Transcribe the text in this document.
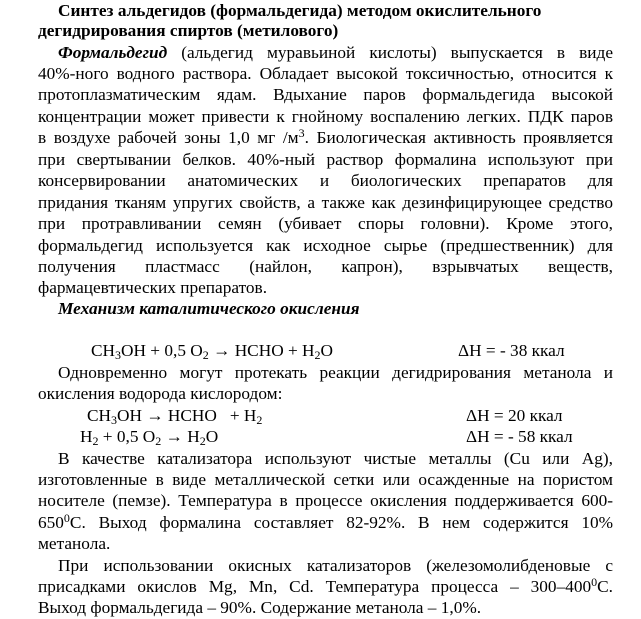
Синтез альдегидов (формальдегида) методом окислительного
дегидрирования спиртов (метилового)
Формальдегид (альдегид муравьиной кислоты) выпускается в виде
40%-ного водного раствора. Обладает высокой токсичностью, относится к
протоплазматическим ядам. Вдыхание паров формальдегида высокой
концентрации может привести к гнойному воспалению легких. ПДК паров
в воздухе рабочей зоны 1,0 мг $/м^3$. Биологическая активность проявляется
при свертывании белков. 40%-ный раствор формалина используют при
консервировании анатомических и биологических препаратов для
придания тканям упругих свойств, а также как дезинфицирующее средство
при протравливании семян (убивает споры головни). Кроме этого,
формальдегид используется как исходное сырье (предшественник) для
получения пластмасс (найлон, капрон), взрывчатых веществ,
фармацевтических препаратов.
Механизм каталитического окисления
$CH_3OH + 0,5$ $O_2$ → HCHO + $H_2O$	ΔH = - 38 ккал
Одновременно могут протекать реакции дегидрирования метанола и
окисления водорода кислородом:
$CH_3OH$ → HCHO   + $H_2$	ΔH = 20 ккал
$H_2 + 0,5$ $O_2 \to H_2O$	ΔH = - 58 ккал
В качестве катализатора используют чистые металлы (Cu или Ag),
изготовленные в виде металлической сетки или осажденные на пористом
носителе (пемзе). Температура в процессе окисления поддерживается 600-
$650^0С$. Выход формалина составляет 82-92%. В нем содержится 10%
метанола.
При использовании окисных катализаторов (железомолибденовые с
присадками окислов Mg, Mn, Cd. Температура процесса – $300-400^0С$.
Выход формальдегида – 90%. Содержание метанола – 1,0%.
